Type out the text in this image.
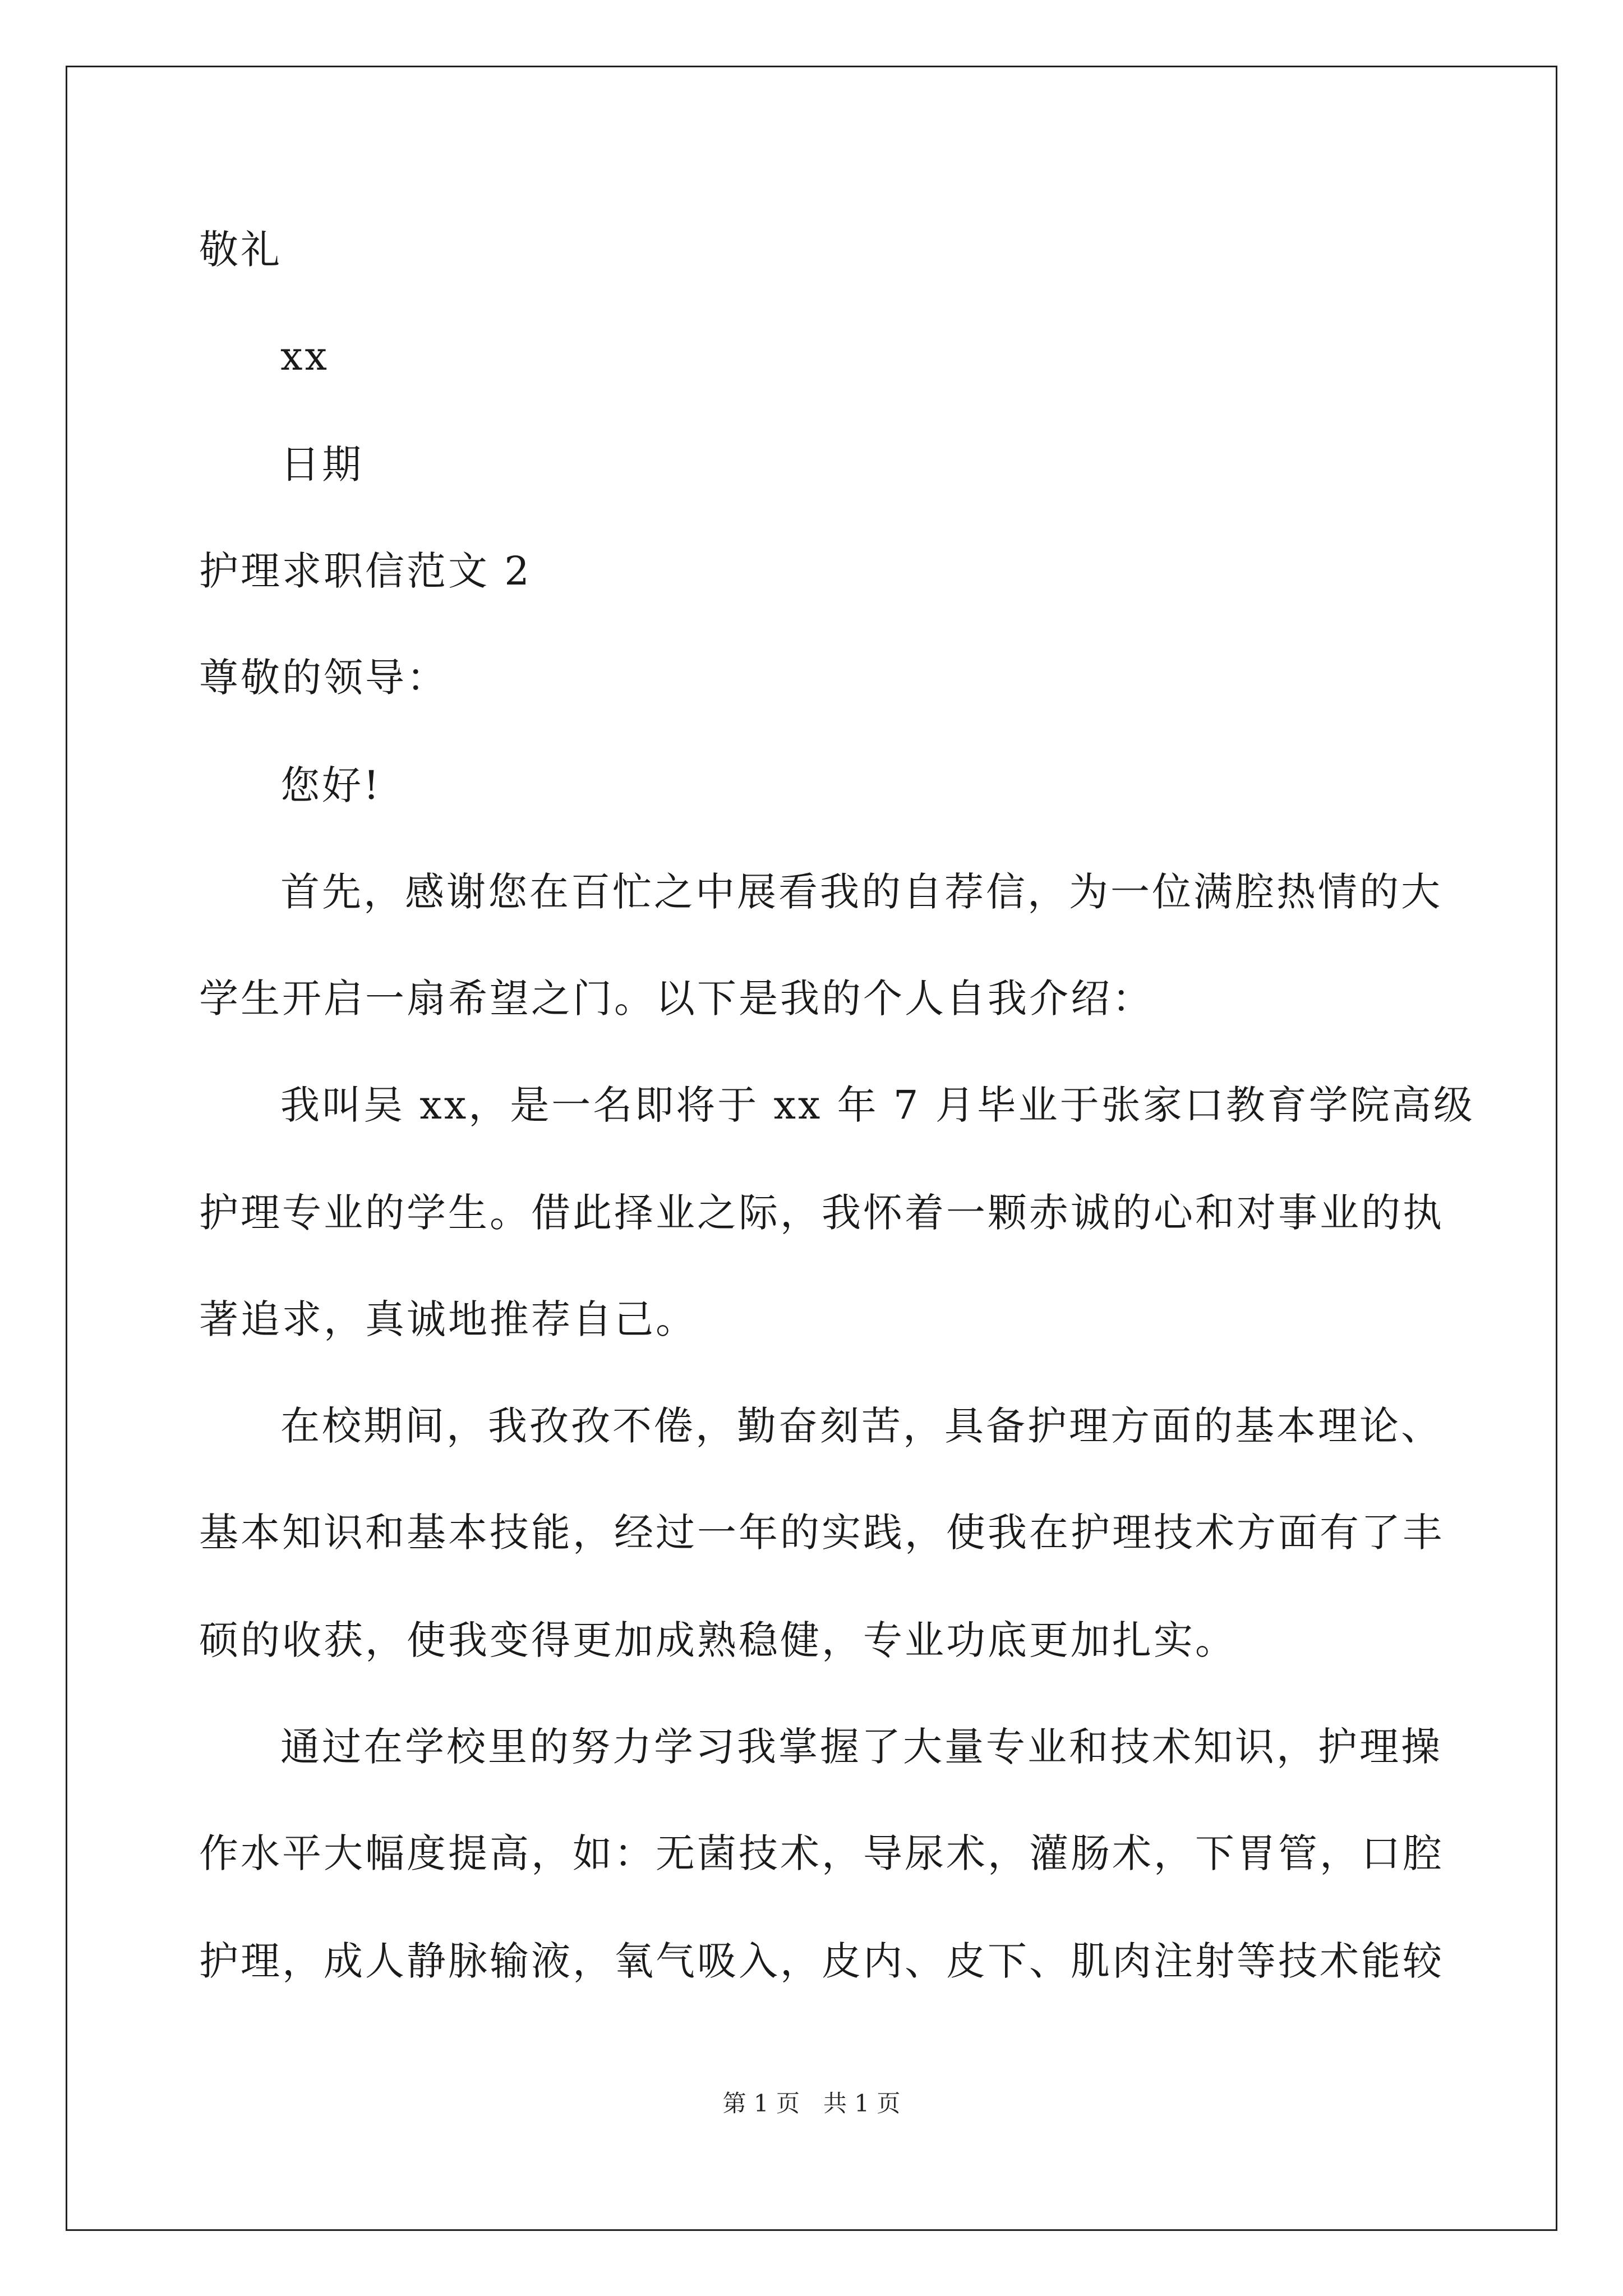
敬礼
xx
日期
护理求职信范文 2
尊敬的领导：
您好!
首先，感谢您在百忙之中展看我的自荐信，为一位满腔热情的大
学生开启一扇希望之门。以下是我的个人自我介绍：
我叫吴 xx，是一名即将于 xx 年 7 月毕业于张家口教育学院高级
护理专业的学生。借此择业之际，我怀着一颗赤诚的心和对事业的执
著追求，真诚地推荐自己。
在校期间，我孜孜不倦，勤奋刻苦，具备护理方面的基本理论、
基本知识和基本技能，经过一年的实践，使我在护理技术方面有了丰
硕的收获，使我变得更加成熟稳健，专业功底更加扎实。
通过在学校里的努力学习我掌握了大量专业和技术知识，护理操
作水平大幅度提高，如：无菌技术，导尿术，灌肠术，下胃管，口腔
护理，成人静脉输液，氧气吸入，皮内、皮下、肌肉注射等技术能较
第 1 页　共 1 页
